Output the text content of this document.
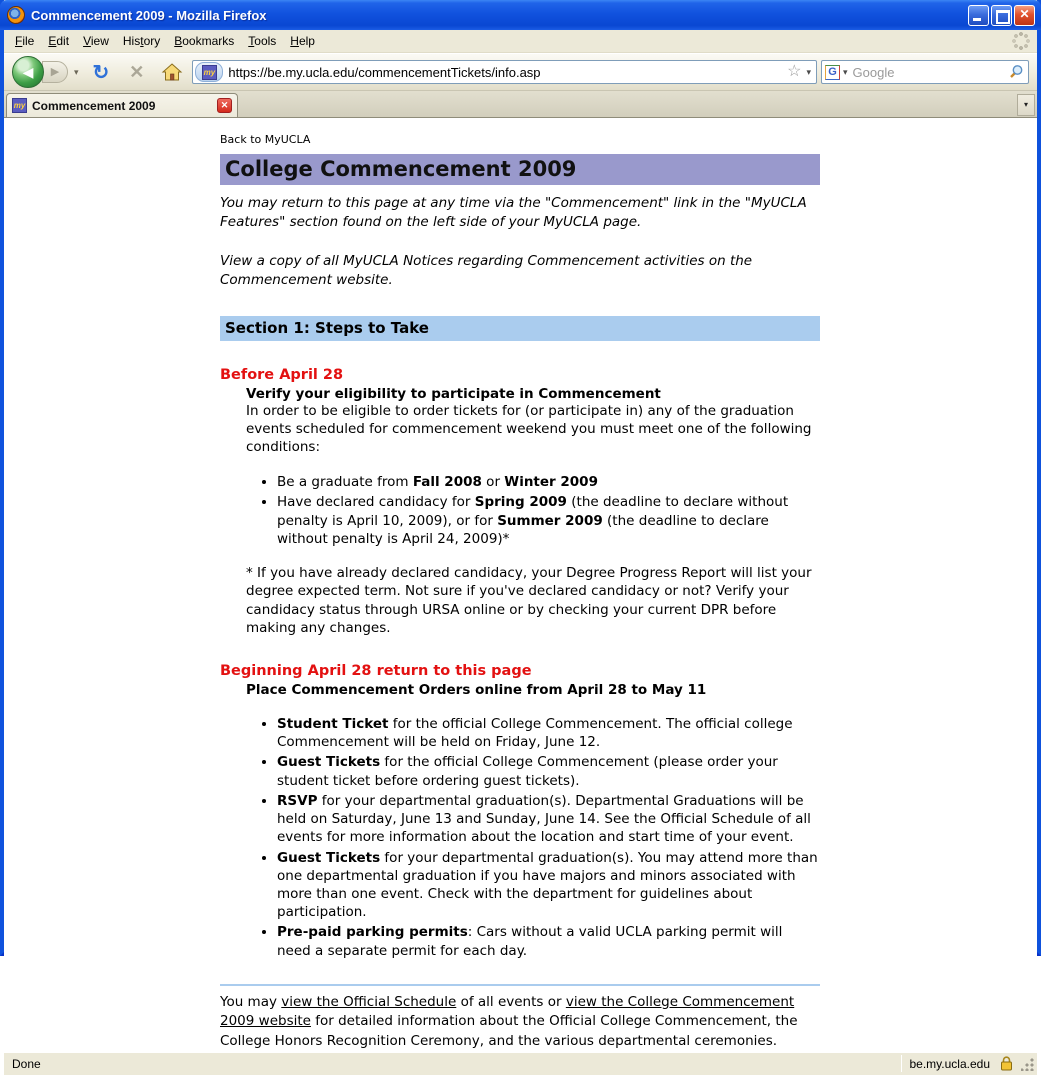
Commencement 2009 - Mozilla Firefox
✕
File	Edit	View	History	Bookmarks	Tools	Help
◀	▶	▾ ↻	✕	my
https://be.my.ucla.edu/commencementTickets/info.asp	☆ ▾ G ▾
Google
my Commencement 2009	✕	▾
Back to MyUCLA
College Commencement 2009

You may return to this page at any time via the "Commencement" link in the "MyUCLA Features" section found on the left side of your MyUCLA page.

View a copy of all MyUCLA Notices regarding Commencement activities on the Commencement website.

Section 1: Steps to Take
Before April 28
Verify your eligibility to participate in Commencement
In order to be eligible to order tickets for (or participate in) any of the graduation events scheduled for commencement weekend you must meet one of the following conditions:
• Be a graduate from Fall 2008 or Winter 2009
• Have declared candidacy for Spring 2009 (the deadline to declare without penalty is April 10, 2009), or for Summer 2009 (the deadline to declare without penalty is April 24, 2009)*

* If you have already declared candidacy, your Degree Progress Report will list your degree expected term. Not sure if you've declared candidacy or not? Verify your candidacy status through URSA online or by checking your current DPR before making any changes.

Beginning April 28 return to this page
Place Commencement Orders online from April 28 to May 11
• Student Ticket for the official College Commencement. The official college Commencement will be held on Friday, June 12.
• Guest Tickets for the official College Commencement (please order your student ticket before ordering guest tickets).
• RSVP for your departmental graduation(s). Departmental Graduations will be held on Saturday, June 13 and Sunday, June 14. See the Official Schedule of all events for more information about the location and start time of your event.
• Guest Tickets for your departmental graduation(s). You may attend more than one departmental graduation if you have majors and minors associated with more than one event. Check with the department for guidelines about participation.
• Pre-paid parking permits: Cars without a valid UCLA parking permit will need a separate permit for each day.

You may view the Official Schedule of all events or view the College Commencement 2009 website for detailed information about the Official College Commencement, the College Honors Recognition Ceremony, and the various departmental ceremonies.

Done	be.my.ucla.edu
